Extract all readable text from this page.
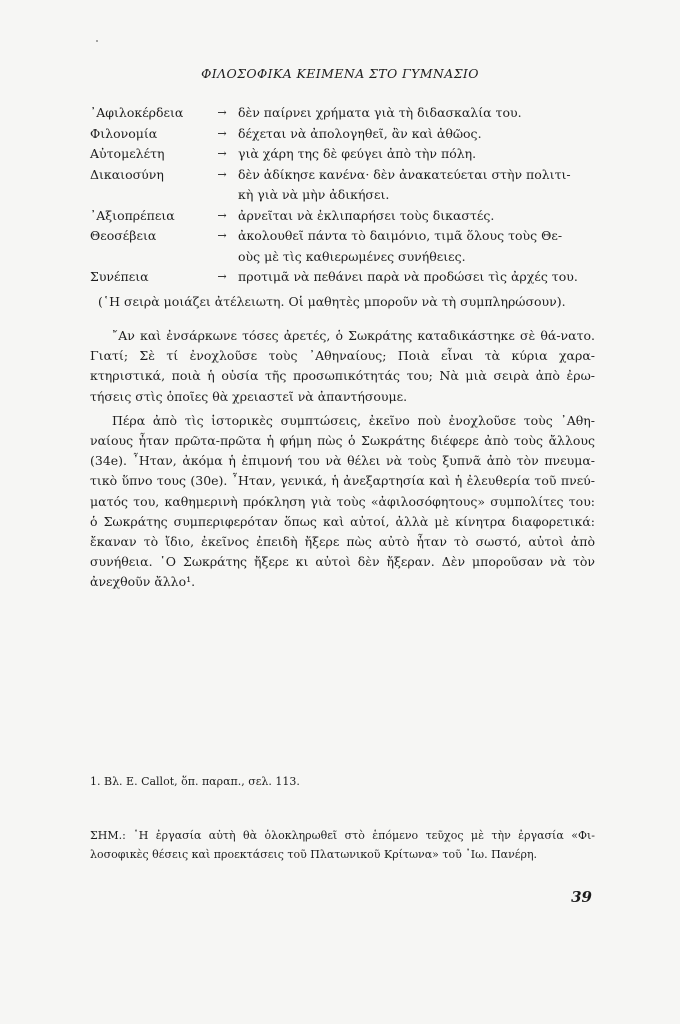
ΦΙΛΟΣΟΦΙΚΑ ΚΕΙΜΕΝΑ ΣΤΟ ΓΥΜΝΑΣΙΟ
᾽Αφιλοκέρδεια	→ δὲν παίρνει χρήματα γιὰ τὴ διδασκαλία του.
Φιλονομία	→ δέχεται νὰ ἀπολογηθεῖ, ἂν καὶ ἀθῶος.
Αὐτομελέτη	→ γιὰ χάρη της δὲ φεύγει ἀπὸ τὴν πόλη.
Δικαιοσύνη	→ δὲν ἀδίκησε κανένα· δὲν ἀνακατεύεται στὴν πολιτι-
κὴ γιὰ νὰ μὴν ἀδικήσει.
᾽Αξιοπρέπεια	→ ἀρνεῖται νὰ ἐκλιπαρήσει τοὺς δικαστές.
Θεοσέβεια	→ ἀκολουθεῖ πάντα τὸ δαιμόνιο, τιμᾶ ὅλους τοὺς Θε-
οὺς μὲ τὶς καθιερωμένες συνήθειες.
Συνέπεια	→ προτιμᾶ νὰ πεθάνει παρὰ νὰ προδώσει τὶς ἀρχές του.
(῾Η σειρὰ μοιάζει ἀτέλειωτη. Οἱ μαθητὲς μποροῦν νὰ τὴ συμπληρώσουν).

῎Αν καὶ ἐνσάρκωνε τόσες ἀρετές, ὁ Σωκράτης καταδικάστηκε σὲ θά-νατο. Γιατί; Σὲ τί ἐνοχλοῦσε τοὺς ᾽Αθηναίους; Ποιὰ εἶναι τὰ κύρια χαρα-κτηριστικά, ποιὰ ἡ οὐσία τῆς προσωπικότητάς του; Νὰ μιὰ σειρὰ ἀπὸ ἐρω-τήσεις στὶς ὁποῖες θὰ χρειαστεῖ νὰ ἀπαντήσουμε.

Πέρα ἀπὸ τὶς ἱστορικὲς συμπτώσεις, ἐκεῖνο ποὺ ἐνοχλοῦσε τοὺς ᾽Αθη-ναίους ἦταν πρῶτα-πρῶτα ἡ φήμη πὼς ὁ Σωκράτης διέφερε ἀπὸ τοὺς ἄλλους (34e). ῏Ηταν, ἀκόμα ἡ ἐπιμονή του νὰ θέλει νὰ τοὺς ξυπνᾶ ἀπὸ τὸν πνευμα-τικὸ ὕπνο τους (30e). ῏Ηταν, γενικά, ἡ ἀνεξαρτησία καὶ ἡ ἐλευθερία τοῦ πνεύ-ματός του, καθημερινὴ πρόκληση γιὰ τοὺς «ἀφιλοσόφητους» συμπολίτες του: ὁ Σωκράτης συμπεριφερόταν ὅπως καὶ αὐτοί, ἀλλὰ μὲ κίνητρα διαφορετικά: ἔκαναν τὸ ἴδιο, ἐκεῖνος ἐπειδὴ ἤξερε πὼς αὐτὸ ἦταν τὸ σωστό, αὐτοὶ ἀπὸ συνήθεια. ῾Ο Σωκράτης ἤξερε κι αὐτοὶ δὲν ἤξεραν. Δὲν μποροῦσαν νὰ τὸν ἀνεχθοῦν ἄλλο¹.

1. Βλ. E. Callot, ὅπ. παραπ., σελ. 113.
ΣΗΜ.: ῾Η ἐργασία αὐτὴ θὰ ὁλοκληρωθεῖ στὸ ἑπόμενο τεῦχος μὲ τὴν ἐργασία «Φι-λοσοφικὲς θέσεις καὶ προεκτάσεις τοῦ Πλατωνικοῦ Κρίτωνα» τοῦ ᾽Ιω. Πανέρη.
39
